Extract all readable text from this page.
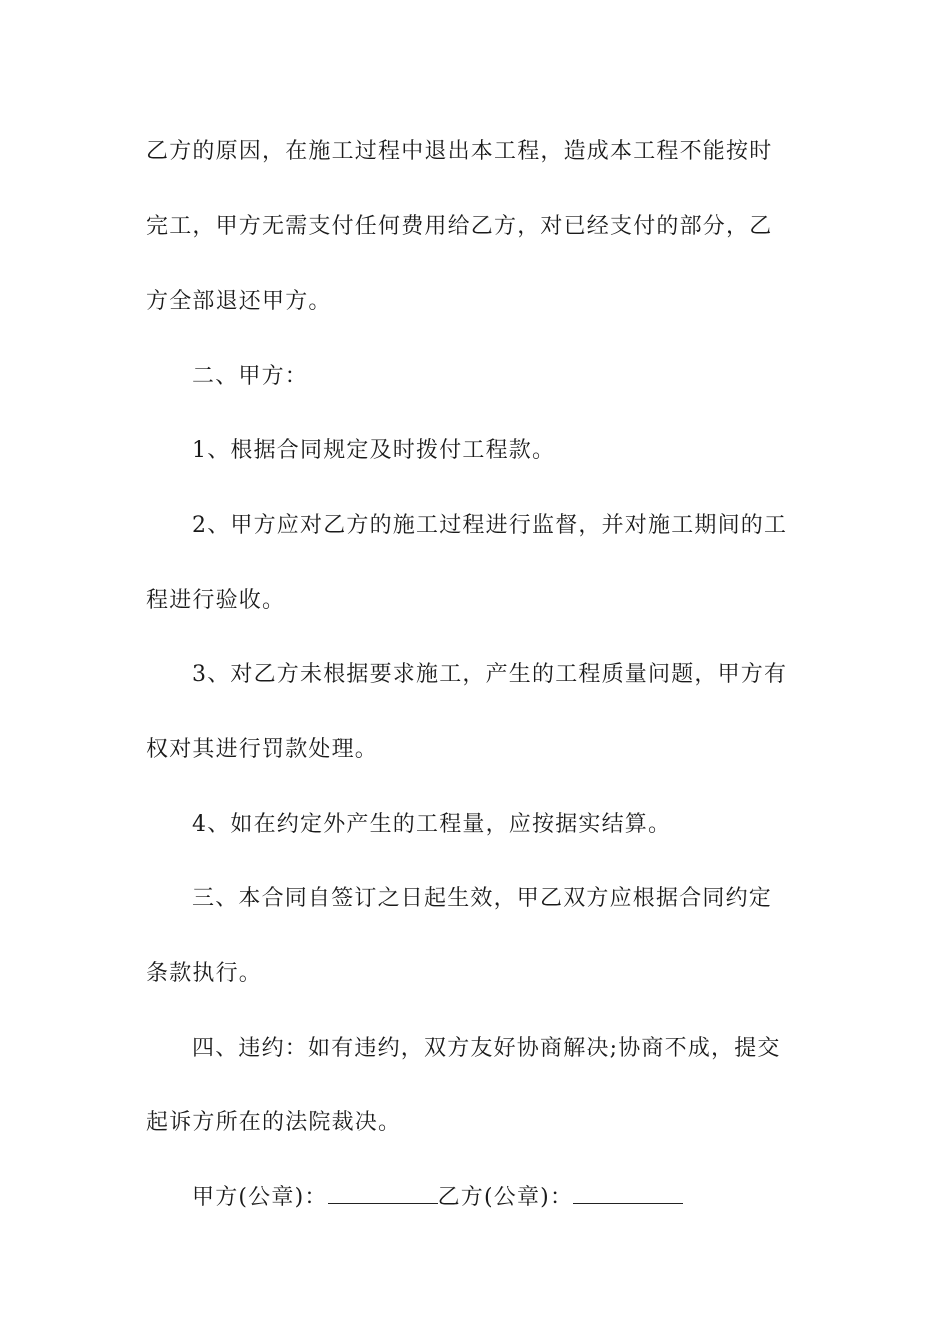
乙方的原因，在施工过程中退出本工程，造成本工程不能按时
完工，甲方无需支付任何费用给乙方，对已经支付的部分，乙
方全部退还甲方。
二、甲方：
1、根据合同规定及时拨付工程款。
2、甲方应对乙方的施工过程进行监督，并对施工期间的工
程进行验收。
3、对乙方未根据要求施工，产生的工程质量问题，甲方有
权对其进行罚款处理。
4、如在约定外产生的工程量，应按据实结算。
三、本合同自签订之日起生效，甲乙双方应根据合同约定
条款执行。
四、违约：如有违约，双方友好协商解决;协商不成，提交
起诉方所在的法院裁决。
甲方(公章)：	乙方(公章)：
